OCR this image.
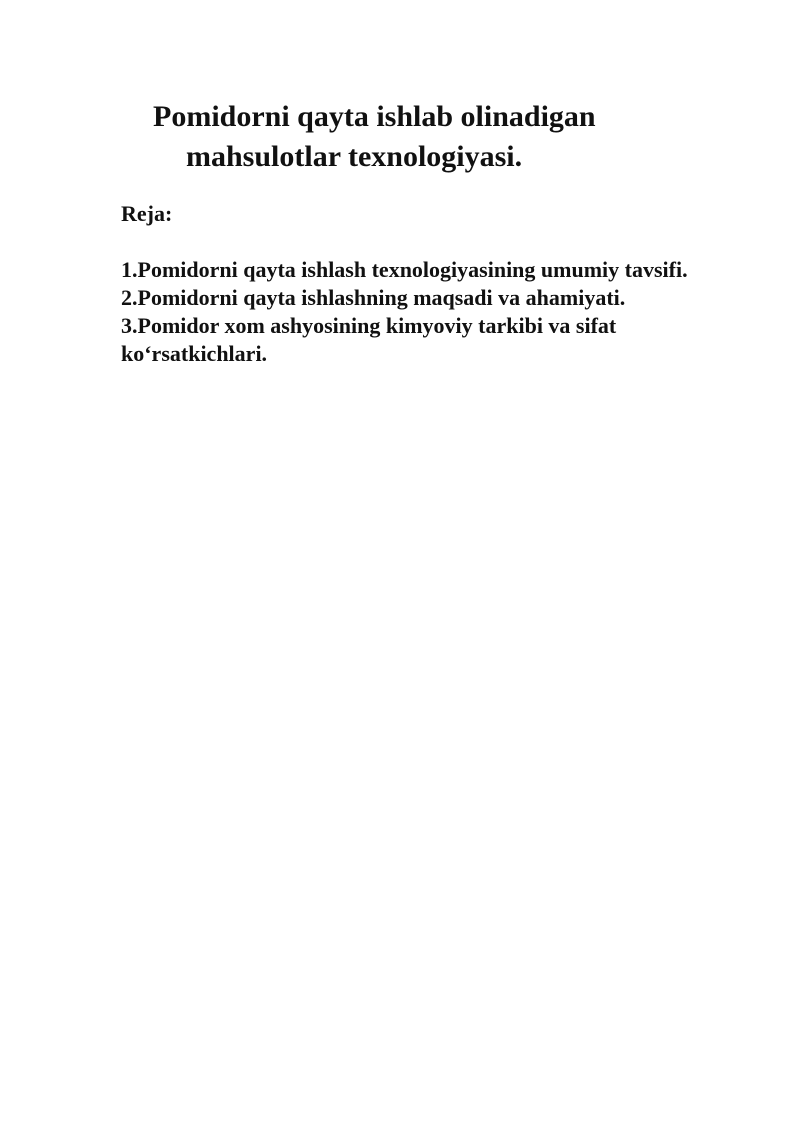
Pomidorni qayta ishlab olinadigan
mahsulotlar texnologiyasi.
Reja:
1.Pomidorni qayta ishlash texnologiyasining umumiy tavsifi.
2.Pomidorni qayta ishlashning maqsadi va ahamiyati.
3.Pomidor xom ashyosining kimyoviy tarkibi va sifat ko‘rsatkichlari.
